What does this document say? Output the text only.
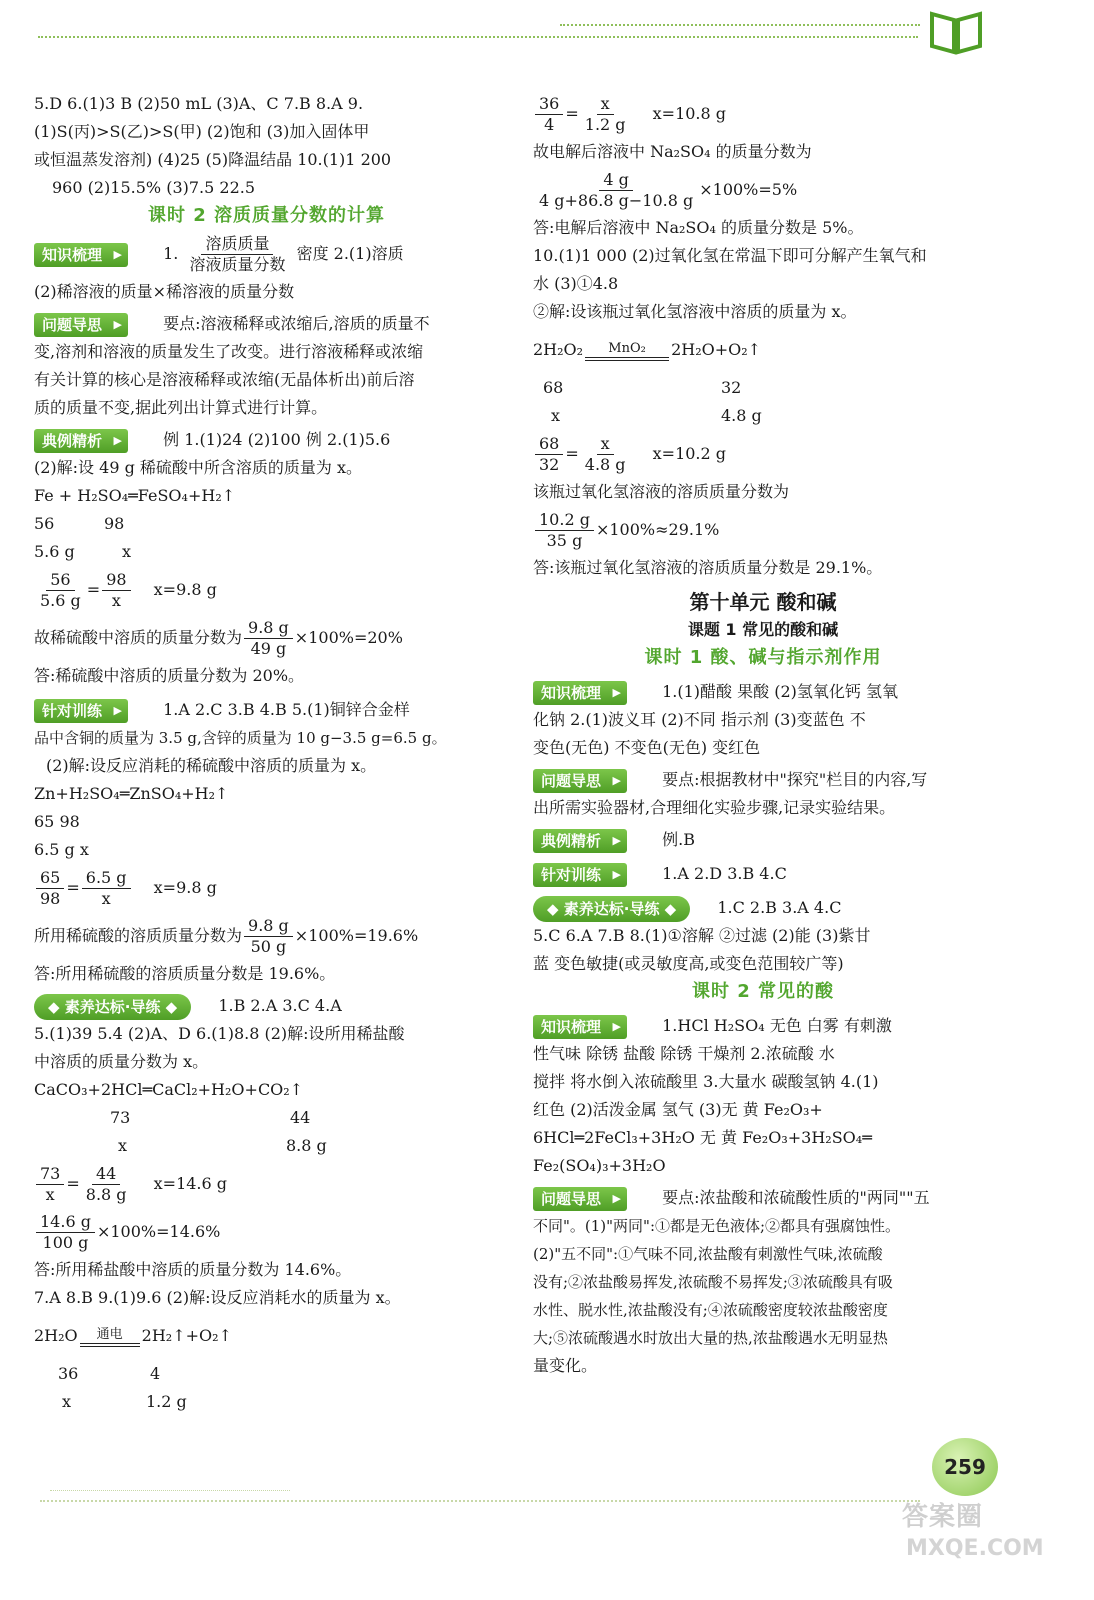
5.D 6.(1)3 B (2)50 mL (3)A、C 7.B 8.A 9.
(1)S(丙)>S(乙)>S(甲) (2)饱和 (3)加入固体甲
或恒温蒸发溶剂) (4)25 (5)降温结晶 10.(1)1 200
960 (2)15.5% (3)7.5 22.5
课时 2 溶质质量分数的计算
知识梳理 ▶	1. $\frac{\text{溶质质量}}{\text{溶液质量分数}}$ 密度 2.(1)溶质
(2)稀溶液的质量×稀溶液的质量分数
问题导思 ▶	要点:溶液稀释或浓缩后,溶质的质量不
变,溶剂和溶液的质量发生了改变。进行溶液稀释或浓缩
有关计算的核心是溶液稀释或浓缩(无晶体析出)前后溶
质的质量不变,据此列出计算式进行计算。
典例精析 ▶	例 1.(1)24 (2)100 例 2.(1)5.6
(2)解:设 49 g 稀硫酸中所含溶质的质量为 x。
Fe + H₂SO₄═FeSO₄+H₂↑
56	98
5.6 g	x
$\frac{56}{5.6 g} = \frac{98}{x} x=9.8$ g
故稀硫酸中溶质的质量分数为 $\frac{9.8 g}{49 g} \times 100\%=20\%$
答:稀硫酸中溶质的质量分数为 20%。
针对训练 ▶	1.A 2.C 3.B 4.B 5.(1)铜锌合金样
品中含铜的质量为 3.5 g,含锌的质量为 10 g−3.5 g=6.5 g。
(2)解:设反应消耗的稀硫酸中溶质的质量为 x。
Zn+H₂SO₄═ZnSO₄+H₂↑
65 98
6.5 g x
$\frac{65}{98} = \frac{6.5 g}{x} x=9.8$ g
所用稀硫酸的溶质质量分数为 $\frac{9.8 g}{50 g} \times 100\%=19.6\%$
答:所用稀硫酸的溶质质量分数是 19.6%。
◆ 素养达标·导练 ◆	1.B 2.A 3.C 4.A
5.(1)39 5.4 (2)A、D 6.(1)8.8 (2)解:设所用稀盐酸
中溶质的质量分数为 x。
CaCO₃+2HCl═CaCl₂+H₂O+CO₂↑
73	44
x	8.8 g
$\frac{73}{x} = \frac{44}{8.8 g} x=14.6$ g
$\frac{14.6 g}{100 g} \times 100\%=14.6\%$
答:所用稀盐酸中溶质的质量分数为 14.6%。
7.A 8.B 9.(1)9.6 (2)解:设反应消耗水的质量为 x。
2H₂O 通电 2H₂↑+O₂↑
36	4
x	1.2 g
$\frac{36}{4} = \frac{x}{1.2 g} x=10.8$ g
故电解后溶液中 Na₂SO₄ 的质量分数为
$\frac{4 g}{4 g+86.8 g-10.8 g} \times 100\%=5\%$
答:电解后溶液中 Na₂SO₄ 的质量分数是 5%。
10.(1)1 000 (2)过氧化氢在常温下即可分解产生氧气和
水 (3)①4.8
②解:设该瓶过氧化氢溶液中溶质的质量为 x。
2H₂O₂ MnO₂ 2H₂O+O₂↑
68	32
x	4.8 g
$\frac{68}{32} = \frac{x}{4.8 g} x=10.2$ g
该瓶过氧化氢溶液的溶质质量分数为
$\frac{10.2 g}{35 g} \times 100\%\approx 29.1\%$
答:该瓶过氧化氢溶液的溶质质量分数是 29.1%。
第十单元 酸和碱
课题 1 常见的酸和碱
课时 1 酸、碱与指示剂作用
知识梳理 ▶	1.(1)醋酸 果酸 (2)氢氧化钙 氢氧
化钠 2.(1)波义耳 (2)不同 指示剂 (3)变蓝色 不
变色(无色) 不变色(无色) 变红色
问题导思 ▶	要点:根据教材中"探究"栏目的内容,写
出所需实验器材,合理细化实验步骤,记录实验结果。
典例精析 ▶	例.B
针对训练 ▶	1.A 2.D 3.B 4.C
◆ 素养达标·导练 ◆	1.C 2.B 3.A 4.C
5.C 6.A 7.B 8.(1)①溶解 ②过滤 (2)能 (3)紫甘
蓝 变色敏捷(或灵敏度高,或变色范围较广等)
课时 2 常见的酸
知识梳理 ▶	1.HCl H₂SO₄ 无色 白雾 有刺激
性气味 除锈 盐酸 除锈 干燥剂 2.浓硫酸 水
搅拌 将水倒入浓硫酸里 3.大量水 碳酸氢钠 4.(1)
红色 (2)活泼金属 氢气 (3)无 黄 Fe₂O₃+
6HCl═2FeCl₃+3H₂O 无 黄 Fe₂O₃+3H₂SO₄═
Fe₂(SO₄)₃+3H₂O
问题导思 ▶	要点:浓盐酸和浓硫酸性质的"两同""五
不同"。(1)"两同":①都是无色液体;②都具有强腐蚀性。
(2)"五不同":①气味不同,浓盐酸有刺激性气味,浓硫酸
没有;②浓盐酸易挥发,浓硫酸不易挥发;③浓硫酸具有吸
水性、脱水性,浓盐酸没有;④浓硫酸密度较浓盐酸密度
大;⑤浓硫酸遇水时放出大量的热,浓盐酸遇水无明显热
量变化。
259
答案圈
MXQE.COM
